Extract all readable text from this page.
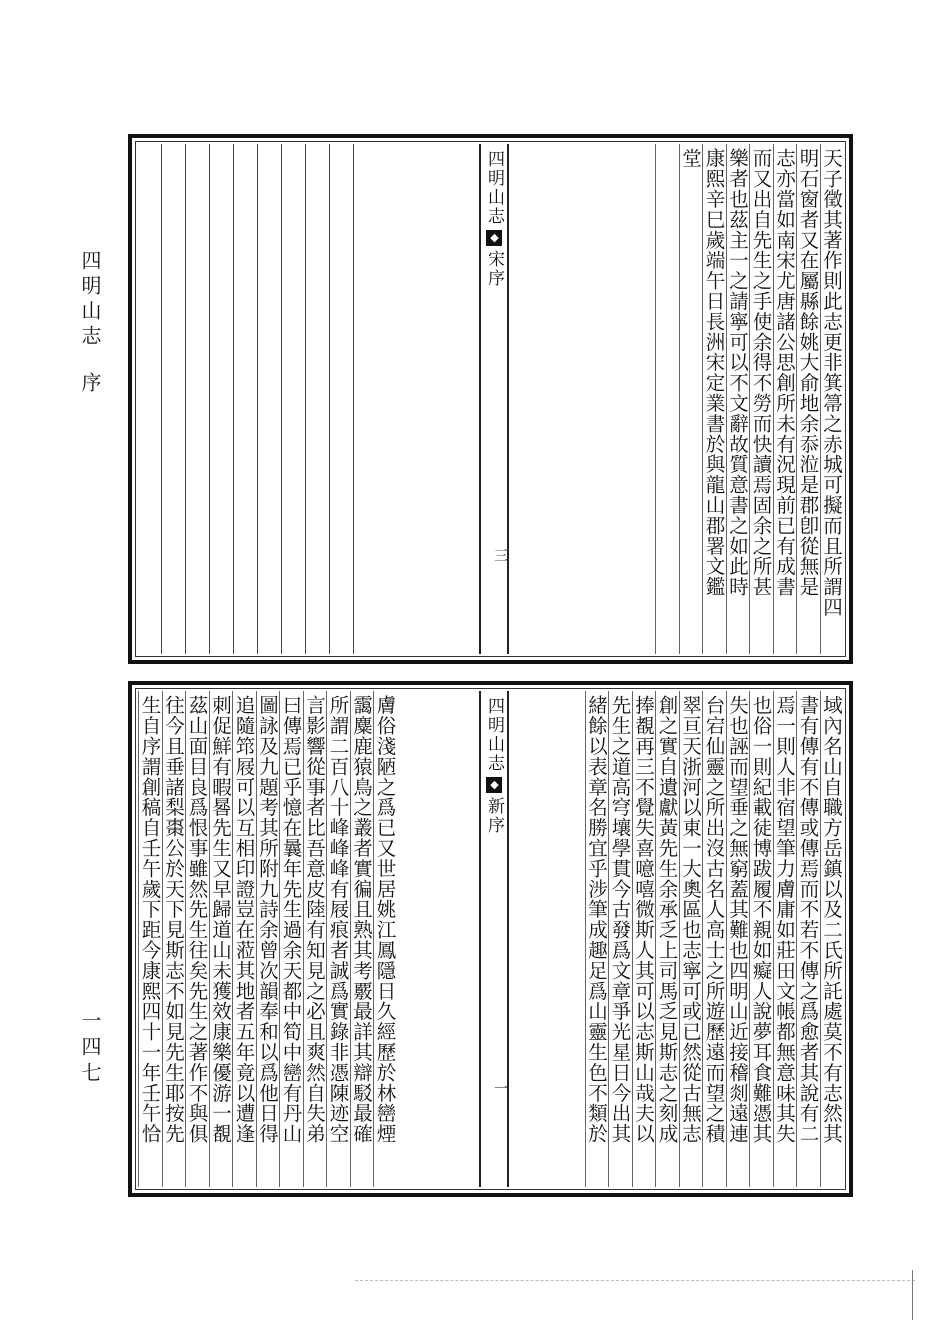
四明山志序
一四七
四明山志◆宋序
三	天子徵其著作則此志更非箕箒之赤城可擬而且所謂四
明石窗者又在屬縣餘姚大俞地余忝涖是郡卽從無是
志亦當如南宋尤唐諸公思創所未有況現前已有成書
而又出自先生之手使余得不勞而快讀焉固余之所甚
樂者也茲主一之請寧可以不文辭故質意書之如此時
康熙辛巳歲端午日長洲宋定業書於與龍山郡署文鑑
堂
四明山志◆新序
一	域內名山自職方岳鎮以及二氏所託處莫不有志然其
書有傳有不傳或傳焉而不若不傳之爲愈者其說有二
焉一則人非宿望筆力膚庸如莊田文帳都無意味其失
也俗一則紀載徒博跋履不親如癡人說夢耳食難憑其
失也誣而望垂之無窮蓋其難也四明山近接稽剡遠連
台宕仙靈之所出沒古名人高士之所遊歷遠而望之積
翠亘天浙河以東一大奧區也志寧可或已然從古無志
創之實自遺獻黃先生余承乏上司馬乏見斯志之刻成
捧覩再三不覺失喜噫嘻微斯人其可以志斯山哉夫以
先生之道高穹壤學貫今古發爲文章爭光星日今出其
緒餘以表章名勝宜乎涉筆成趣足爲山靈生色不類於
膚俗淺陋之爲已又世居姚江鳳隱日久經歷於林巒煙
靄麋鹿猿鳥之叢者實徧且熟其考覈最詳其辯駁最確
所謂二百八十峰峰峰有屐痕者誠爲實錄非憑陳迹空
言影響從事者比吾意皮陸有知見之必且爽然自失弟
曰傳焉已乎憶在曩年先生過余天都中筍中巒有丹山
圖詠及九題考其所附九詩余曾次韻奉和以爲他日得
追隨筇屐可以互相印證豈在蒞其地者五年竟以遭逢
刺促鮮有暇晷先生又早歸道山未獲效康樂優游一覩
茲山面目良爲恨事雖然先生往矣先生之著作不與俱
往今且垂諸梨棗公於天下見斯志不如見先生耶按先
生自序謂創稿自壬午歲下距今康熙四十一年壬午恰
